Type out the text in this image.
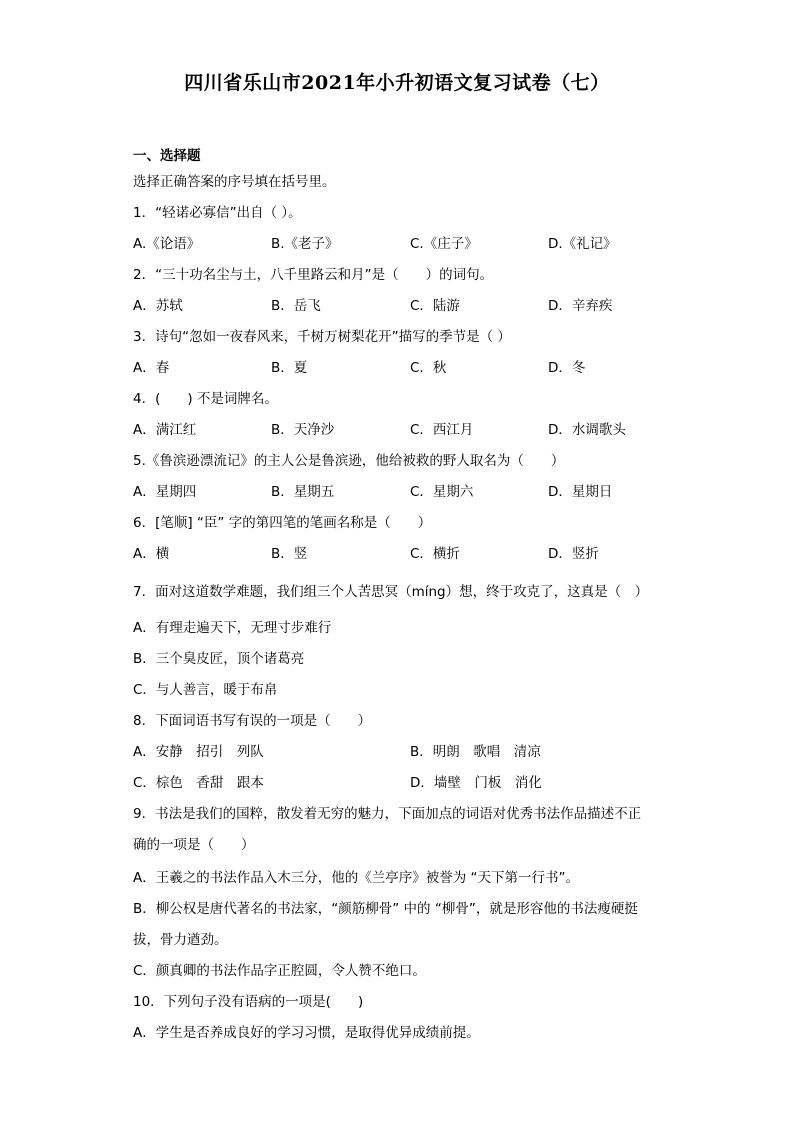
四川省乐山市2021年小升初语文复习试卷（七）
一、选择题
选择正确答案的序号填在括号里。
1．“轻诺必寡信”出自（ ）。
A.《论语》	B.《老子》	C.《庄子》	D.《礼记》
2．“三十功名尘与土，八千里路云和月”是（　　）的词句。
A．苏轼	B．岳飞	C．陆游	D．辛弃疾
3．诗句“忽如一夜春风来，千树万树梨花开”描写的季节是（ ）
A．春	B．夏	C．秋	D．冬
4．(　　) 不是词牌名。
A．满江红	B．天净沙	C．西江月	D．水调歌头
5.《鲁滨逊漂流记》的主人公是鲁滨逊，他给被救的野人取名为（　　）
A．星期四	B．星期五	C．星期六	D．星期日
6．[笔顺] “臣” 字的第四笔的笔画名称是（　　）
A．横	B．竖	C．横折	D．竖折
7．面对这道数学难题，我们组三个人苦思冥（míng）想，终于攻克了，这真是（　）
A．有理走遍天下，无理寸步难行
B．三个臭皮匠，顶个诸葛亮
C．与人善言，暖于布帛
8．下面词语书写有误的一项是（　　）
A．安静　招引　列队	B．明朗　歌唱　清凉
C．棕色　香甜　跟本	D．墙壁　门板　消化
9．书法是我们的国粹，散发着无穷的魅力，下面加点的词语对优秀书法作品描述不正
确的一项是（　　）
A．王羲之的书法作品入木三分，他的《兰亭序》被誉为 “天下第一行书”。
B．柳公权是唐代著名的书法家，“颜筋柳骨” 中的 “柳骨”，就是形容他的书法瘦硬挺
拔，骨力遒劲。
C．颜真卿的书法作品字正腔圆，令人赞不绝口。
10．下列句子没有语病的一项是(　　)
A．学生是否养成良好的学习习惯，是取得优异成绩前提。
